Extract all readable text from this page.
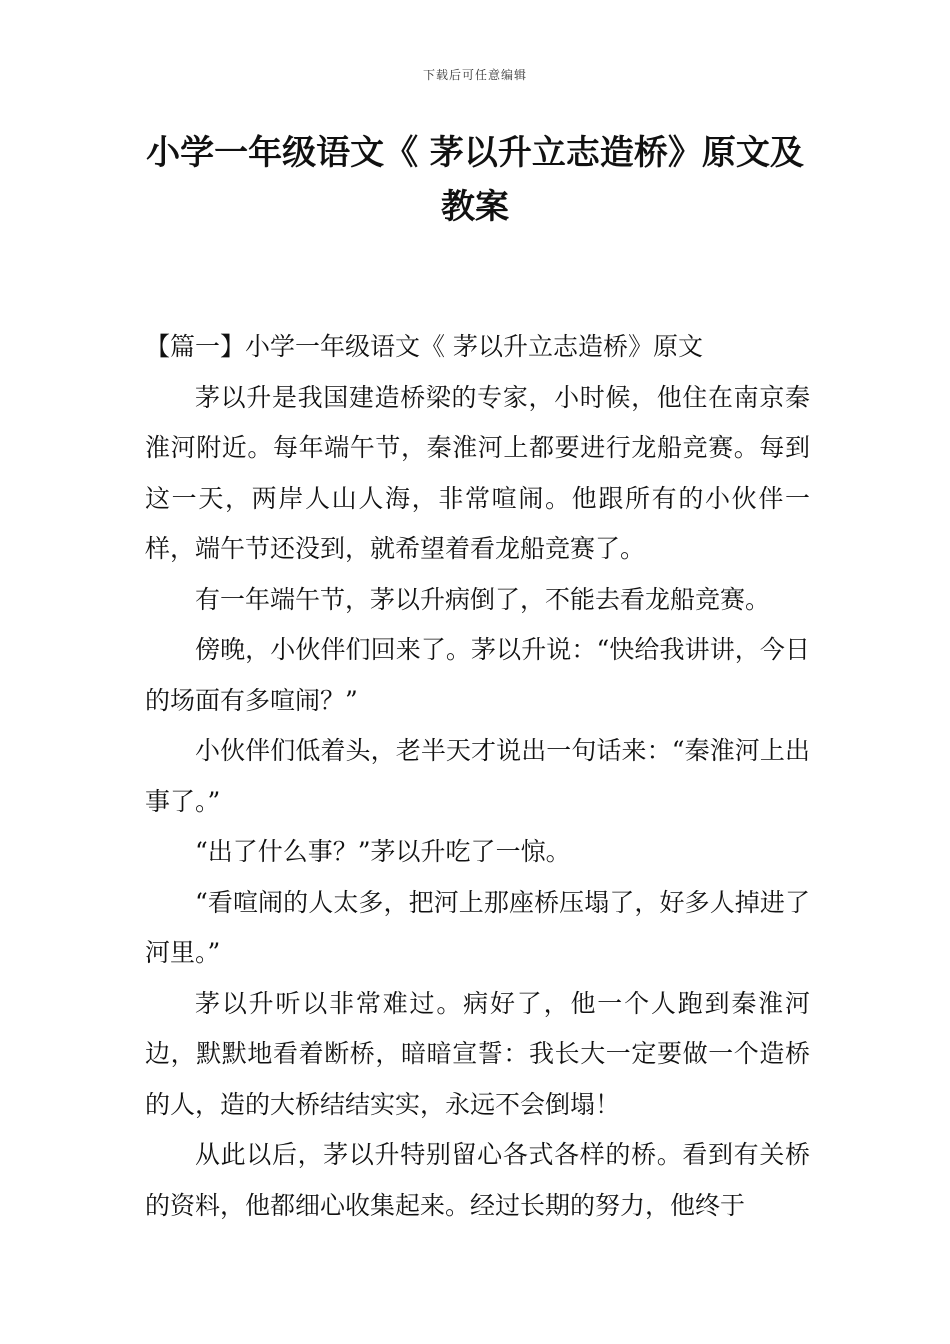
下载后可任意编辑
小学一年级语文《 茅以升立志造桥》原文及教案
【篇一】小学一年级语文《 茅以升立志造桥》原文

茅以升是我国建造桥梁的专家，小时候，他住在南京秦淮河附近。每年端午节，秦淮河上都要进行龙船竞赛。每到这一天，两岸人山人海，非常喧闹。他跟所有的小伙伴一样，端午节还没到，就希望着看龙船竞赛了。

有一年端午节，茅以升病倒了，不能去看龙船竞赛。

傍晚，小伙伴们回来了。茅以升说：“快给我讲讲，今日的场面有多喧闹？”

小伙伴们低着头，老半天才说出一句话来：“秦淮河上出事了。”

“出了什么事？”茅以升吃了一惊。

“看喧闹的人太多，把河上那座桥压塌了，好多人掉进了河里。”

茅以升听以非常难过。病好了，他一个人跑到秦淮河边，默默地看着断桥，暗暗宣誓：我长大一定要做一个造桥的人，造的大桥结结实实，永远不会倒塌！

从此以后，茅以升特别留心各式各样的桥。看到有关桥的资料，他都细心收集起来。经过长期的努力，他终于
